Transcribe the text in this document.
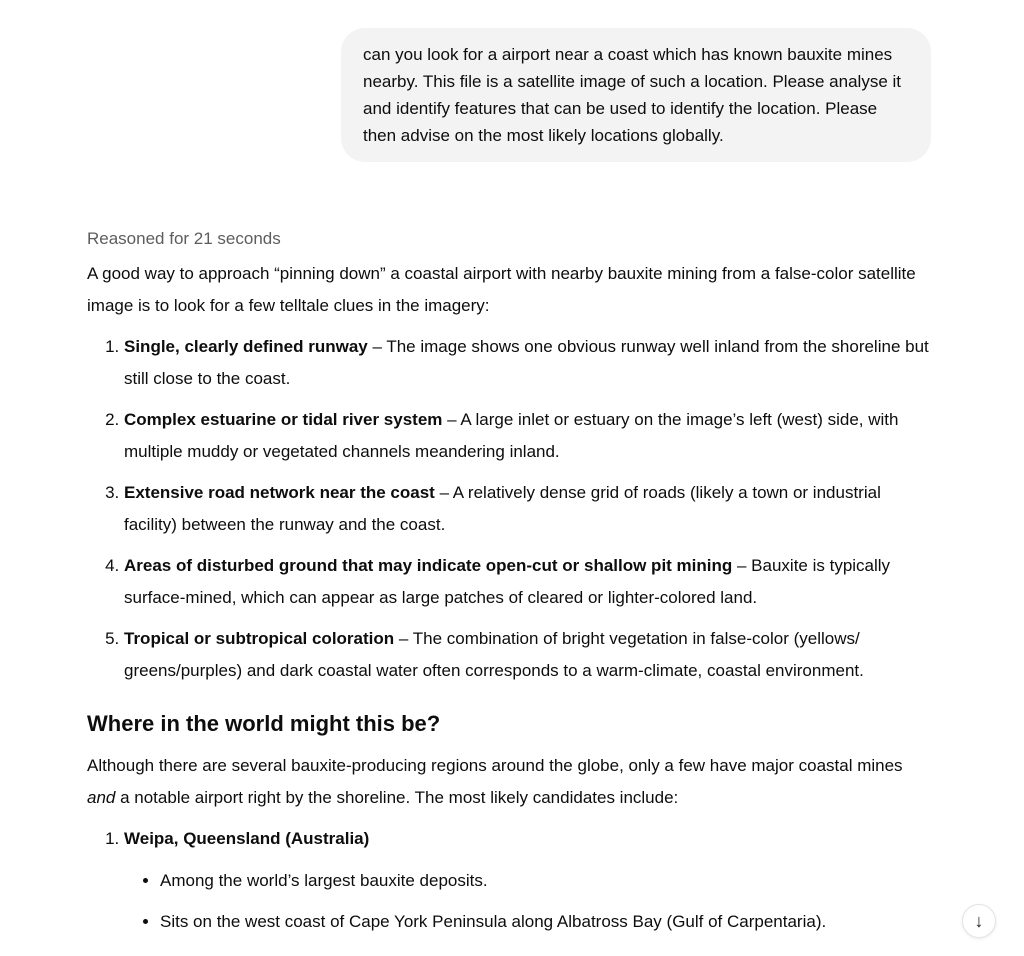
can you look for a airport near a coast which has known bauxite mines nearby. This file is a satellite image of such a location. Please analyse it and identify features that can be used to identify the location. Please then advise on the most likely locations globally.
Reasoned for 21 seconds

A good way to approach “pinning down” a coastal airport with nearby bauxite mining from a false-color satellite image is to look for a few telltale clues in the imagery:

1. Single, clearly defined runway – The image shows one obvious runway well inland from the shoreline but still close to the coast.
2. Complex estuarine or tidal river system – A large inlet or estuary on the image’s left (west) side, with multiple muddy or vegetated channels meandering inland.
3. Extensive road network near the coast – A relatively dense grid of roads (likely a town or industrial facility) between the runway and the coast.
4. Areas of disturbed ground that may indicate open-cut or shallow pit mining – Bauxite is typically surface-mined, which can appear as large patches of cleared or lighter-colored land.
5. Tropical or subtropical coloration – The combination of bright vegetation in false-color (yellows/ greens/purples) and dark coastal water often corresponds to a warm-climate, coastal environment.
Where in the world might this be?

Although there are several bauxite-producing regions around the globe, only a few have major coastal mines and a notable airport right by the shoreline. The most likely candidates include:

1. Weipa, Queensland (Australia)
• Among the world’s largest bauxite deposits.
• Sits on the west coast of Cape York Peninsula along Albatross Bay (Gulf of Carpentaria).	↓
